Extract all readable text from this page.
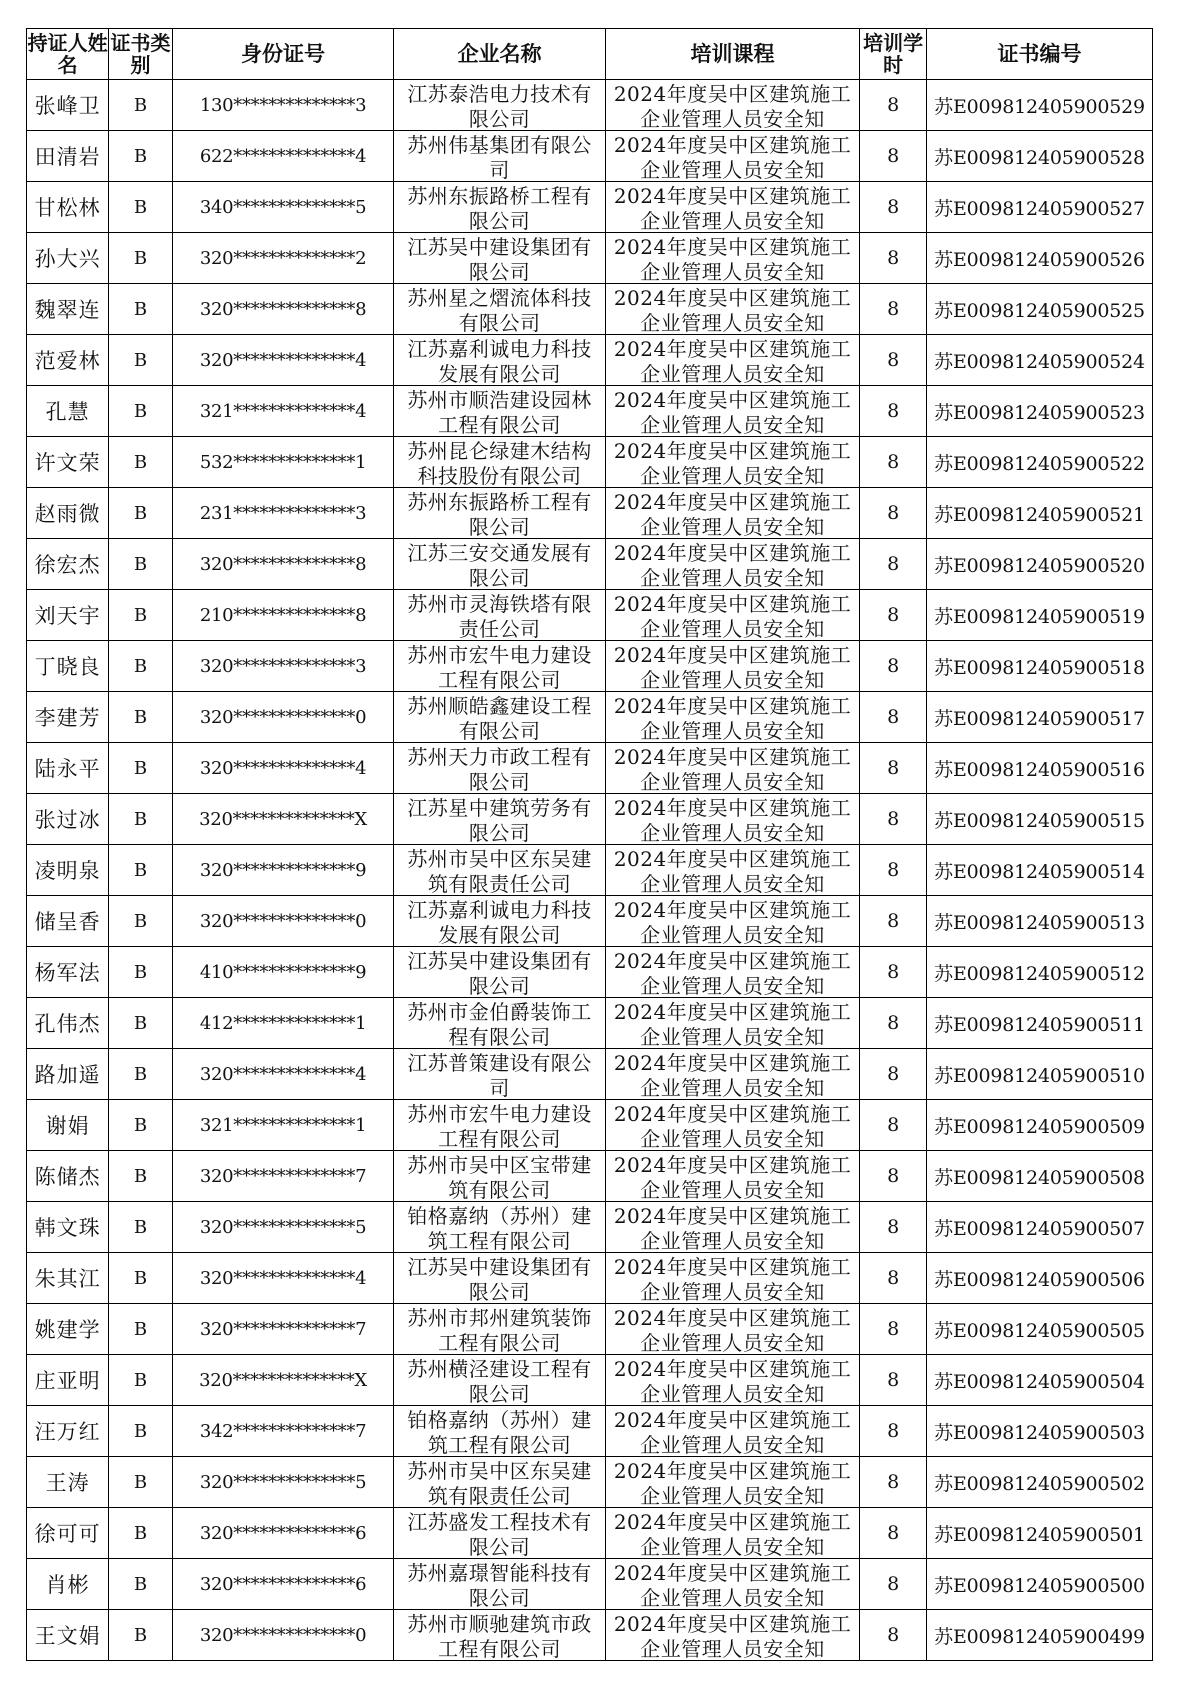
持证人姓名	证书类别	身份证号	企业名称	培训课程	培训学时	证书编号
张峰卫	B	130**************3	江苏泰浩电力技术有限公司	2024年度吴中区建筑施工企业管理人员安全知	8	苏E009812405900529
田清岩	B	622**************4	苏州伟基集团有限公司	2024年度吴中区建筑施工企业管理人员安全知	8	苏E009812405900528
甘松林	B	340**************5	苏州东振路桥工程有限公司	2024年度吴中区建筑施工企业管理人员安全知	8	苏E009812405900527
孙大兴	B	320**************2	江苏吴中建设集团有限公司	2024年度吴中区建筑施工企业管理人员安全知	8	苏E009812405900526
魏翠连	B	320**************8	苏州星之熠流体科技有限公司	2024年度吴中区建筑施工企业管理人员安全知	8	苏E009812405900525
范爱林	B	320**************4	江苏嘉利诚电力科技发展有限公司	2024年度吴中区建筑施工企业管理人员安全知	8	苏E009812405900524
孔慧	B	321**************4	苏州市顺浩建设园林工程有限公司	2024年度吴中区建筑施工企业管理人员安全知	8	苏E009812405900523
许文荣	B	532**************1	苏州昆仑绿建木结构科技股份有限公司	2024年度吴中区建筑施工企业管理人员安全知	8	苏E009812405900522
赵雨微	B	231**************3	苏州东振路桥工程有限公司	2024年度吴中区建筑施工企业管理人员安全知	8	苏E009812405900521
徐宏杰	B	320**************8	江苏三安交通发展有限公司	2024年度吴中区建筑施工企业管理人员安全知	8	苏E009812405900520
刘天宇	B	210**************8	苏州市灵海铁塔有限责任公司	2024年度吴中区建筑施工企业管理人员安全知	8	苏E009812405900519
丁晓良	B	320**************3	苏州市宏牛电力建设工程有限公司	2024年度吴中区建筑施工企业管理人员安全知	8	苏E009812405900518
李建芳	B	320**************0	苏州顺皓鑫建设工程有限公司	2024年度吴中区建筑施工企业管理人员安全知	8	苏E009812405900517
陆永平	B	320**************4	苏州天力市政工程有限公司	2024年度吴中区建筑施工企业管理人员安全知	8	苏E009812405900516
张过冰	B	320**************X	江苏星中建筑劳务有限公司	2024年度吴中区建筑施工企业管理人员安全知	8	苏E009812405900515
凌明泉	B	320**************9	苏州市吴中区东吴建筑有限责任公司	2024年度吴中区建筑施工企业管理人员安全知	8	苏E009812405900514
储呈香	B	320**************0	江苏嘉利诚电力科技发展有限公司	2024年度吴中区建筑施工企业管理人员安全知	8	苏E009812405900513
杨军法	B	410**************9	江苏吴中建设集团有限公司	2024年度吴中区建筑施工企业管理人员安全知	8	苏E009812405900512
孔伟杰	B	412**************1	苏州市金伯爵装饰工程有限公司	2024年度吴中区建筑施工企业管理人员安全知	8	苏E009812405900511
路加遥	B	320**************4	江苏普策建设有限公司	2024年度吴中区建筑施工企业管理人员安全知	8	苏E009812405900510
谢娟	B	321**************1	苏州市宏牛电力建设工程有限公司	2024年度吴中区建筑施工企业管理人员安全知	8	苏E009812405900509
陈储杰	B	320**************7	苏州市吴中区宝带建筑有限公司	2024年度吴中区建筑施工企业管理人员安全知	8	苏E009812405900508
韩文珠	B	320**************5	铂格嘉纳（苏州）建筑工程有限公司	2024年度吴中区建筑施工企业管理人员安全知	8	苏E009812405900507
朱其江	B	320**************4	江苏吴中建设集团有限公司	2024年度吴中区建筑施工企业管理人员安全知	8	苏E009812405900506
姚建学	B	320**************7	苏州市邦州建筑装饰工程有限公司	2024年度吴中区建筑施工企业管理人员安全知	8	苏E009812405900505
庄亚明	B	320**************X	苏州横泾建设工程有限公司	2024年度吴中区建筑施工企业管理人员安全知	8	苏E009812405900504
汪万红	B	342**************7	铂格嘉纳（苏州）建筑工程有限公司	2024年度吴中区建筑施工企业管理人员安全知	8	苏E009812405900503
王涛	B	320**************5	苏州市吴中区东吴建筑有限责任公司	2024年度吴中区建筑施工企业管理人员安全知	8	苏E009812405900502
徐可可	B	320**************6	江苏盛发工程技术有限公司	2024年度吴中区建筑施工企业管理人员安全知	8	苏E009812405900501
肖彬	B	320**************6	苏州嘉璟智能科技有限公司	2024年度吴中区建筑施工企业管理人员安全知	8	苏E009812405900500
王文娟	B	320**************0	苏州市顺驰建筑市政工程有限公司	2024年度吴中区建筑施工企业管理人员安全知	8	苏E009812405900499
